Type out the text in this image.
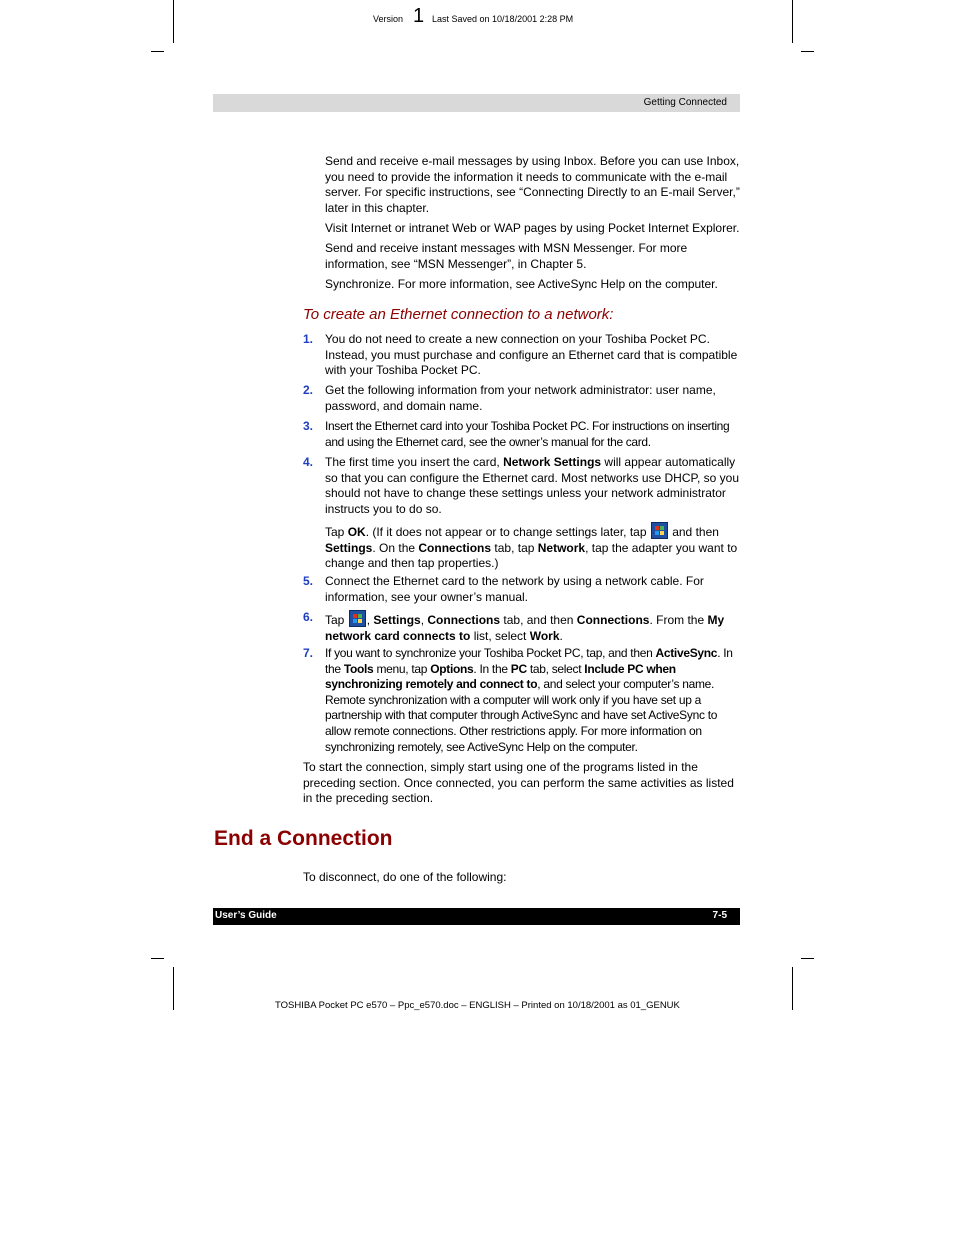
Version 1 Last Saved on 10/18/2001 2:28 PM
Getting Connected

Send and receive e-mail messages by using Inbox. Before you can use Inbox, you need to provide the information it needs to communicate with the e-mail server. For specific instructions, see “Connecting Directly to an E-mail Server,” later in this chapter.

Visit Internet or intranet Web or WAP pages by using Pocket Internet Explorer.

Send and receive instant messages with MSN Messenger. For more information, see “MSN Messenger”, in Chapter 5.

Synchronize. For more information, see ActiveSync Help on the computer.

To create an Ethernet connection to a network:
1. You do not need to create a new connection on your Toshiba Pocket PC. Instead, you must purchase and configure an Ethernet card that is compatible with your Toshiba Pocket PC.

2. Get the following information from your network administrator: user name, password, and domain name.

3. Insert the Ethernet card into your Toshiba Pocket PC. For instructions on inserting and using the Ethernet card, see the owner’s manual for the card.

4. The first time you insert the card, Network Settings will appear automatically so that you can configure the Ethernet card. Most networks use DHCP, so you should not have to change these settings unless your network administrator instructs you to do so.

Tap OK. (If it does not appear or to change settings later, tap  and then Settings. On the Connections tab, tap Network, tap the adapter you want to change and then tap properties.)

5. Connect the Ethernet card to the network by using a network cable. For information, see your owner’s manual.

6. Tap , Settings, Connections tab, and then Connections. From the My network card connects to list, select Work.

7. If you want to synchronize your Toshiba Pocket PC, tap, and then ActiveSync. In the Tools menu, tap Options. In the PC tab, select Include PC when synchronizing remotely and connect to, and select your computer’s name. Remote synchronization with a computer will work only if you have set up a partnership with that computer through ActiveSync and have set ActiveSync to allow remote connections. Other restrictions apply. For more information on synchronizing remotely, see ActiveSync Help on the computer.

To start the connection, simply start using one of the programs listed in the preceding section. Once connected, you can perform the same activities as listed in the preceding section.

End a Connection

To disconnect, do one of the following:

User’s Guide	7-5
TOSHIBA Pocket PC e570 – Ppc_e570.doc – ENGLISH – Printed on 10/18/2001 as 01_GENUK
